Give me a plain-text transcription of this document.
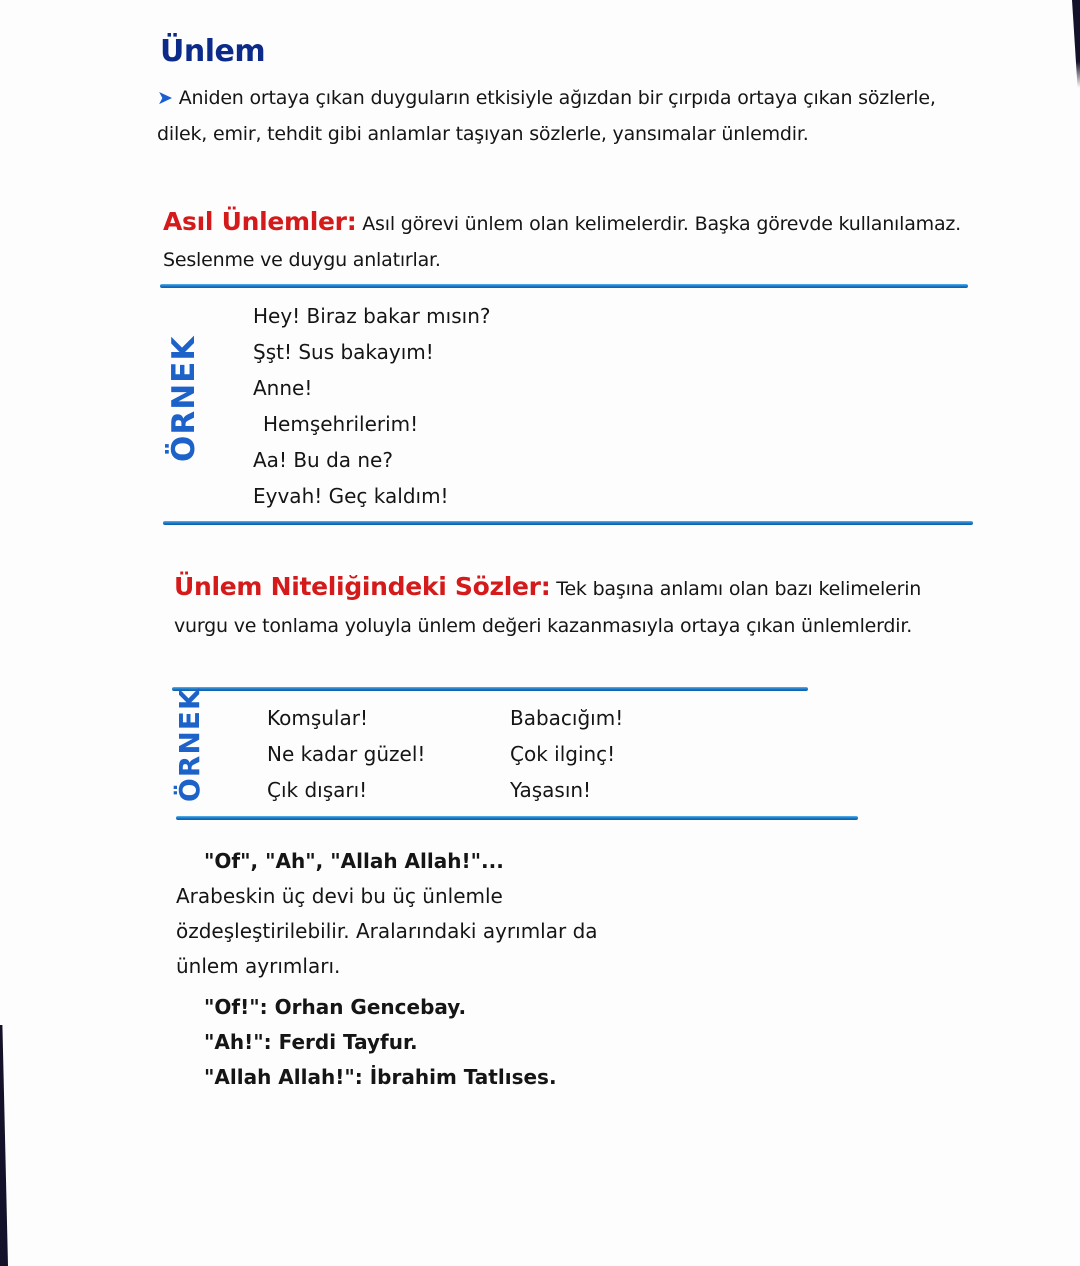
Ünlem
➤ Aniden ortaya çıkan duyguların etkisiyle ağızdan bir çırpıda ortaya çıkan sözlerle, dilek, emir, tehdit gibi anlamlar taşıyan sözlerle, yansımalar ünlemdir.
Asıl Ünlemler: Asıl görevi ünlem olan kelimelerdir. Başka görevde kullanılamaz. Seslenme ve duygu anlatırlar.
ÖRNEK
Hey! Biraz bakar mısın?
Şşt! Sus bakayım!
Anne!
Hemşehrilerim!
Aa! Bu da ne?
Eyvah! Geç kaldım!
Ünlem Niteliğindeki Sözler: Tek başına anlamı olan bazı kelimelerin vurgu ve tonlama yoluyla ünlem değeri kazanmasıyla ortaya çıkan ünlemlerdir.
ÖRNEK	Komşular!
Ne kadar güzel!
Çık dışarı!
Babacığım!
Çok ilginç!
Yaşasın!
"Of", "Ah", "Allah Allah!"...
Arabeskin üç devi bu üç ünlemle özdeşleştirilebilir. Aralarındaki ayrımlar da ünlem ayrımları.
"Of!": Orhan Gencebay.
"Ah!": Ferdi Tayfur.
"Allah Allah!": İbrahim Tatlıses.
